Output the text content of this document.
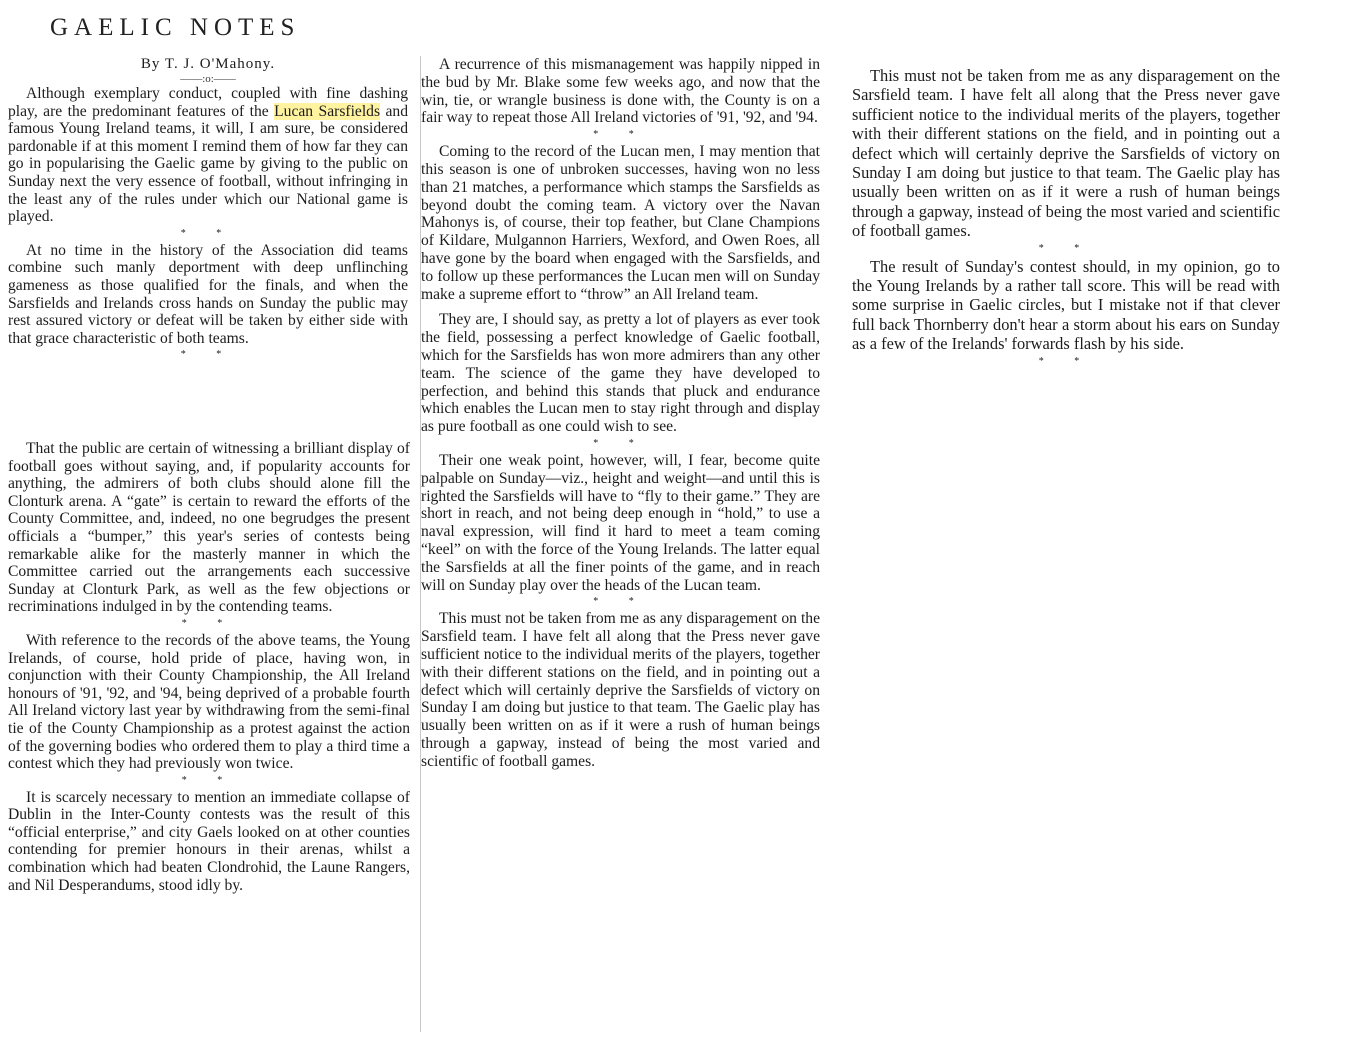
GAELIC NOTES
By T. J. O'Mahony.
——:o:——

Although exemplary conduct, coupled with fine dashing play, are the predominant features of the Lucan Sarsfields and famous Young Ireland teams, it will, I am sure, be considered pardonable if at this moment I remind them of how far they can go in popularising the Gaelic game by giving to the public on Sunday next the very essence of football, without infringing in the least any of the rules under which our National game is played.

* *

At no time in the history of the Association did teams combine such manly deportment with deep unflinching gameness as those qualified for the finals, and when the Sarsfields and Irelands cross hands on Sunday the public may rest assured victory or defeat will be taken by either side with that grace characteristic of both teams.

* *

That the public are certain of witnessing a brilliant display of football goes without saying, and, if popularity accounts for anything, the admirers of both clubs should alone fill the Clonturk arena. A “gate” is certain to reward the efforts of the County Committee, and, indeed, no one begrudges the present officials a “bumper,” this year's series of contests being remarkable alike for the masterly manner in which the Committee carried out the arrangements each successive Sunday at Clonturk Park, as well as the few objections or recriminations indulged in by the contending teams.

* *

With reference to the records of the above teams, the Young Irelands, of course, hold pride of place, having won, in conjunction with their County Championship, the All Ireland honours of '91, '92, and '94, being deprived of a probable fourth All Ireland victory last year by withdrawing from the semi-final tie of the County Championship as a protest against the action of the governing bodies who ordered them to play a third time a contest which they had previously won twice.

* *

It is scarcely necessary to mention an immediate collapse of Dublin in the Inter-County contests was the result of this “official enterprise,” and city Gaels looked on at other counties contending for premier honours in their arenas, whilst a combination which had beaten Clondrohid, the Laune Rangers, and Nil Desperandums, stood idly by.

A recurrence of this mismanagement was happily nipped in the bud by Mr. Blake some few weeks ago, and now that the win, tie, or wrangle business is done with, the County is on a fair way to repeat those All Ireland victories of '91, '92, and '94.

* *

Coming to the record of the Lucan men, I may mention that this season is one of unbroken successes, having won no less than 21 matches, a performance which stamps the Sarsfields as beyond doubt the coming team. A victory over the Navan Mahonys is, of course, their top feather, but Clane Champions of Kildare, Mulgannon Harriers, Wexford, and Owen Roes, all have gone by the board when engaged with the Sarsfields, and to follow up these performances the Lucan men will on Sunday make a supreme effort to “throw” an All Ireland team.

They are, I should say, as pretty a lot of players as ever took the field, possessing a perfect knowledge of Gaelic football, which for the Sarsfields has won more admirers than any other team. The science of the game they have developed to perfection, and behind this stands that pluck and endurance which enables the Lucan men to stay right through and display as pure football as one could wish to see.

* *

Their one weak point, however, will, I fear, become quite palpable on Sunday—viz., height and weight—and until this is righted the Sarsfields will have to “fly to their game.” They are short in reach, and not being deep enough in “hold,” to use a naval expression, will find it hard to meet a team coming “keel” on with the force of the Young Irelands. The latter equal the Sarsfields at all the finer points of the game, and in reach will on Sunday play over the heads of the Lucan team.

* *

This must not be taken from me as any disparagement on the Sarsfield team. I have felt all along that the Press never gave sufficient notice to the individual merits of the players, together with their different stations on the field, and in pointing out a defect which will certainly deprive the Sarsfields of victory on Sunday I am doing but justice to that team. The Gaelic play has usually been written on as if it were a rush of human beings through a gapway, instead of being the most varied and scientific of football games.

This must not be taken from me as any disparagement on the Sarsfield team. I have felt all along that the Press never gave sufficient notice to the individual merits of the players, together with their different stations on the field, and in pointing out a defect which will certainly deprive the Sarsfields of victory on Sunday I am doing but justice to that team. The Gaelic play has usually been written on as if it were a rush of human beings through a gapway, instead of being the most varied and scientific of football games.

* *

The result of Sunday's contest should, in my opinion, go to the Young Irelands by a rather tall score. This will be read with some surprise in Gaelic circles, but I mistake not if that clever full back Thornberry don't hear a storm about his ears on Sunday as a few of the Irelands' forwards flash by his side.

* *
